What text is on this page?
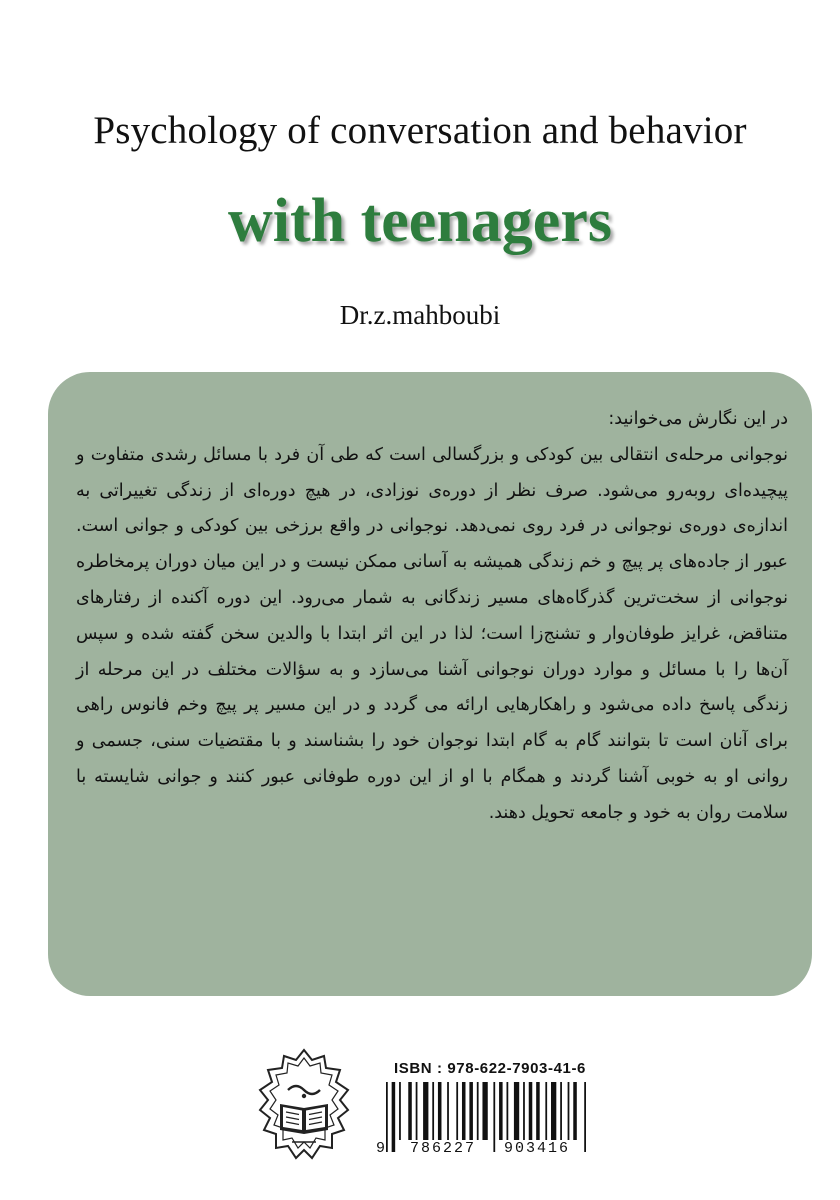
Psychology of conversation and behavior
with teenagers
Dr.z.mahboubi

در این نگارش می‌خوانید:

نوجوانی مرحله‌ی انتقالی بین کودکی و بزرگسالی است که طی آن فرد با مسائل رشدی متفاوت و پیچیده‌ای روبه‌رو می‌شود. صرف نظر از دوره‌ی نوزادی، در هیچ دوره‌ای از زندگی تغییراتی به اندازه‌ی دوره‌ی نوجوانی در فرد روی نمی‌دهد. نوجوانی در واقع برزخی بین کودکی و جوانی است. عبور از جاده‌های پر پیچ و خم زندگی همیشه به آسانی ممکن نیست و در این میان دوران پرمخاطره نوجوانی از سخت‌ترین گذرگاه‌های مسیر زندگانی به شمار می‌رود. این دوره آکنده از رفتارهای متناقض، غرایز طوفان‌وار و تشنج‌زا است؛ لذا در این اثر ابتدا با والدین سخن گفته شده و سپس آن‌ها را با مسائل و موارد دوران نوجوانی آشنا می‌سازد و به سؤالات مختلف در این مرحله از زندگی پاسخ داده می‌شود و راهکارهایی ارائه می گردد و در این مسیر پر پیچ وخم فانوس راهی برای آنان است تا بتوانند گام به گام ابتدا نوجوان خود را بشناسند و با مقتضیات سنی، جسمی و روانی او به خوبی آشنا گردند و همگام با او از این دوره طوفانی عبور کنند و جوانی شایسته با سلامت روان به خود و جامعه تحویل دهند.

ISBN : 978-622-7903-41-6
9 786227 903416
